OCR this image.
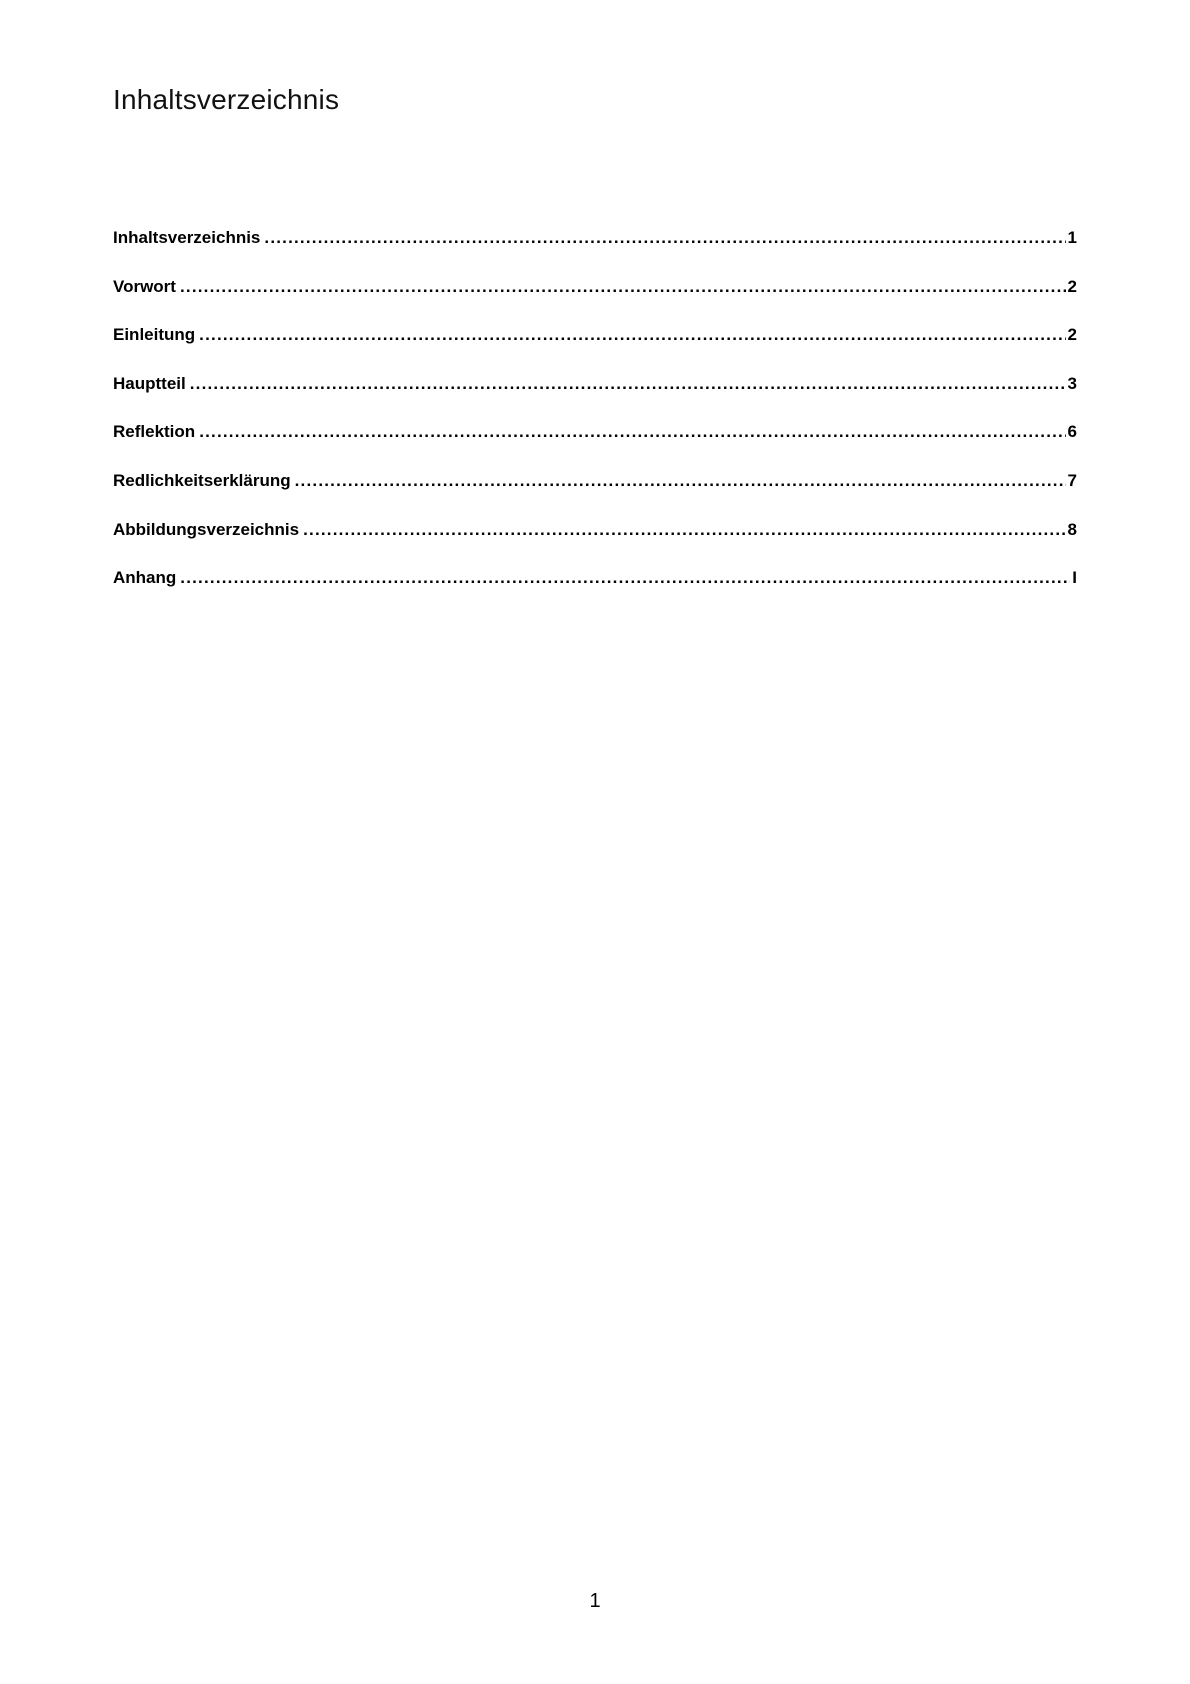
Inhaltsverzeichnis
Inhaltsverzeichnis .....	1
Vorwort .....	2
Einleitung .....	2
Hauptteil .....	3
Reflektion .....	6
Redlichkeitserklärung .....	7
Abbildungsverzeichnis .....	8
Anhang .....	I
1
